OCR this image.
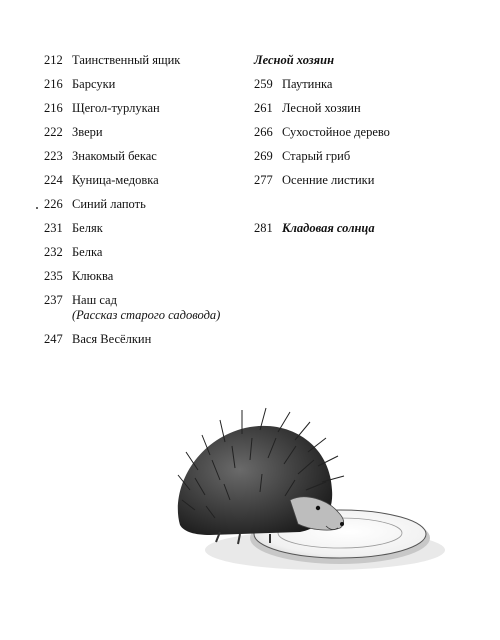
212 Таинственный ящик
216 Барсуки
216 Щегол-турлукан
222 Звери
223 Знакомый бекас
224 Куница-медовка
226 Синий лапоть
231 Беляк
232 Белка
235 Клюква
237 Наш сад
(Рассказ старого садовода)
247 Вася Весёлкин
Лесной хозяин
259 Паутинка
261 Лесной хозяин
266 Сухостойное дерево
269 Старый гриб
277 Осенние листики
281 Кладовая солнца
